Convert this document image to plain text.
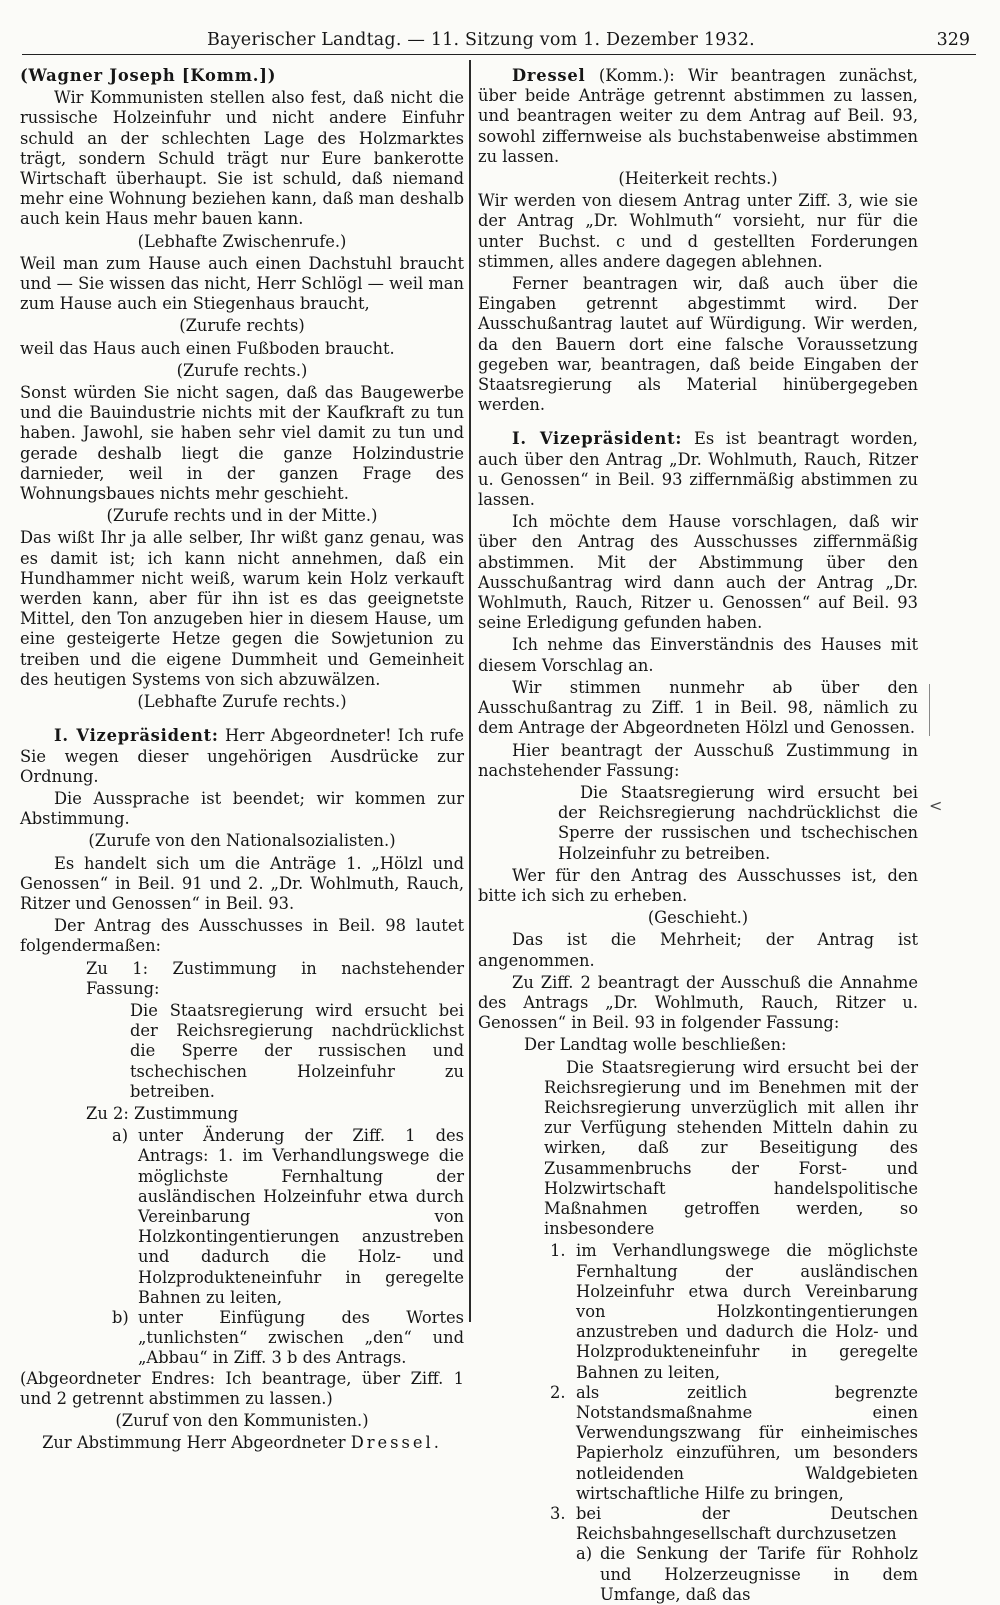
Bayerischer Landtag. — 11. Sitzung vom 1. Dezember 1932.	329

(Wagner Joseph [Komm.])

Wir Kommunisten stellen also fest, daß nicht die russische Holzeinfuhr und nicht andere Einfuhr schuld an der schlechten Lage des Holzmarktes trägt, sondern Schuld trägt nur Eure bankerotte Wirtschaft überhaupt. Sie ist schuld, daß niemand mehr eine Wohnung beziehen kann, daß man deshalb auch kein Haus mehr bauen kann.

(Lebhafte Zwischenrufe.)

Weil man zum Hause auch einen Dachstuhl braucht und — Sie wissen das nicht, Herr Schlögl — weil man zum Hause auch ein Stiegenhaus braucht,

(Zurufe rechts)

weil das Haus auch einen Fußboden braucht.

(Zurufe rechts.)

Sonst würden Sie nicht sagen, daß das Baugewerbe und die Bauindustrie nichts mit der Kaufkraft zu tun haben. Jawohl, sie haben sehr viel damit zu tun und gerade deshalb liegt die ganze Holzindustrie darnieder, weil in der ganzen Frage des Wohnungsbaues nichts mehr geschieht.

(Zurufe rechts und in der Mitte.)

Das wißt Ihr ja alle selber, Ihr wißt ganz genau, was es damit ist; ich kann nicht annehmen, daß ein Hundhammer nicht weiß, warum kein Holz verkauft werden kann, aber für ihn ist es das geeignetste Mittel, den Ton anzugeben hier in diesem Hause, um eine gesteigerte Hetze gegen die Sowjetunion zu treiben und die eigene Dummheit und Gemeinheit des heutigen Systems von sich abzuwälzen.

(Lebhafte Zurufe rechts.)

I. Vizepräsident: Herr Abgeordneter! Ich rufe Sie wegen dieser ungehörigen Ausdrücke zur Ordnung.

Die Aussprache ist beendet; wir kommen zur Abstimmung.

(Zurufe von den Nationalsozialisten.)

Es handelt sich um die Anträge 1. „Hölzl und Genossen“ in Beil. 91 und 2. „Dr. Wohlmuth, Rauch, Ritzer und Genossen“ in Beil. 93.

Der Antrag des Ausschusses in Beil. 98 lautet folgendermaßen:

Zu 1: Zustimmung in nachstehender Fassung:

Die Staatsregierung wird ersucht bei der Reichsregierung nachdrücklichst die Sperre der russischen und tschechischen Holzeinfuhr zu betreiben.

Zu 2: Zustimmung

a) unter Änderung der Ziff. 1 des Antrags: 1. im Verhandlungswege die möglichste Fernhaltung der ausländischen Holzeinfuhr etwa durch Vereinbarung von Holzkontingentierungen anzustreben und dadurch die Holz- und Holzprodukteneinfuhr in geregelte Bahnen zu leiten,
b) unter Einfügung des Wortes „tunlichsten“ zwischen „den“ und „Abbau“ in Ziff. 3 b des Antrags.

(Abgeordneter Endres: Ich beantrage, über Ziff. 1 und 2 getrennt abstimmen zu lassen.)

(Zuruf von den Kommunisten.)

Zur Abstimmung Herr Abgeordneter Dressel.

Dressel (Komm.): Wir beantragen zunächst, über beide Anträge getrennt abstimmen zu lassen, und beantragen weiter zu dem Antrag auf Beil. 93, sowohl ziffernweise als buchstabenweise abstimmen zu lassen.

(Heiterkeit rechts.)

Wir werden von diesem Antrag unter Ziff. 3, wie sie der Antrag „Dr. Wohlmuth“ vorsieht, nur für die unter Buchst. c und d gestellten Forderungen stimmen, alles andere dagegen ablehnen.

Ferner beantragen wir, daß auch über die Eingaben getrennt abgestimmt wird. Der Ausschußantrag lautet auf Würdigung. Wir werden, da den Bauern dort eine falsche Voraussetzung gegeben war, beantragen, daß beide Eingaben der Staatsregierung als Material hinübergegeben werden.

I. Vizepräsident: Es ist beantragt worden, auch über den Antrag „Dr. Wohlmuth, Rauch, Ritzer u. Genossen“ in Beil. 93 ziffernmäßig abstimmen zu lassen.

Ich möchte dem Hause vorschlagen, daß wir über den Antrag des Ausschusses ziffernmäßig abstimmen. Mit der Abstimmung über den Ausschußantrag wird dann auch der Antrag „Dr. Wohlmuth, Rauch, Ritzer u. Genossen“ auf Beil. 93 seine Erledigung gefunden haben.

Ich nehme das Einverständnis des Hauses mit diesem Vorschlag an.

Wir stimmen nunmehr ab über den Ausschußantrag zu Ziff. 1 in Beil. 98, nämlich zu dem Antrage der Abgeordneten Hölzl und Genossen.

Hier beantragt der Ausschuß Zustimmung in nachstehender Fassung:

Die Staatsregierung wird ersucht bei der Reichsregierung nachdrücklichst die Sperre der russischen und tschechischen Holzeinfuhr zu betreiben.

Wer für den Antrag des Ausschusses ist, den bitte ich sich zu erheben.

(Geschieht.)

Das ist die Mehrheit; der Antrag ist angenommen.

Zu Ziff. 2 beantragt der Ausschuß die Annahme des Antrags „Dr. Wohlmuth, Rauch, Ritzer u. Genossen“ in Beil. 93 in folgender Fassung:

Der Landtag wolle beschließen:

Die Staatsregierung wird ersucht bei der Reichsregierung und im Benehmen mit der Reichsregierung unverzüglich mit allen ihr zur Verfügung stehenden Mitteln dahin zu wirken, daß zur Beseitigung des Zusammenbruchs der Forst- und Holzwirtschaft handelspolitische Maßnahmen getroffen werden, so insbesondere

1. im Verhandlungswege die möglichste Fernhaltung der ausländischen Holzeinfuhr etwa durch Vereinbarung von Holzkontingentierungen anzustreben und dadurch die Holz- und Holzprodukteneinfuhr in geregelte Bahnen zu leiten,
2. als zeitlich begrenzte Notstandsmaßnahme einen Verwendungszwang für einheimisches Papierholz einzuführen, um besonders notleidenden Waldgebieten wirtschaftliche Hilfe zu bringen,
3. bei der Deutschen Reichsbahngesellschaft durchzusetzen
a) die Senkung der Tarife für Rohholz und Holzerzeugnisse in dem Umfange, daß das
<
